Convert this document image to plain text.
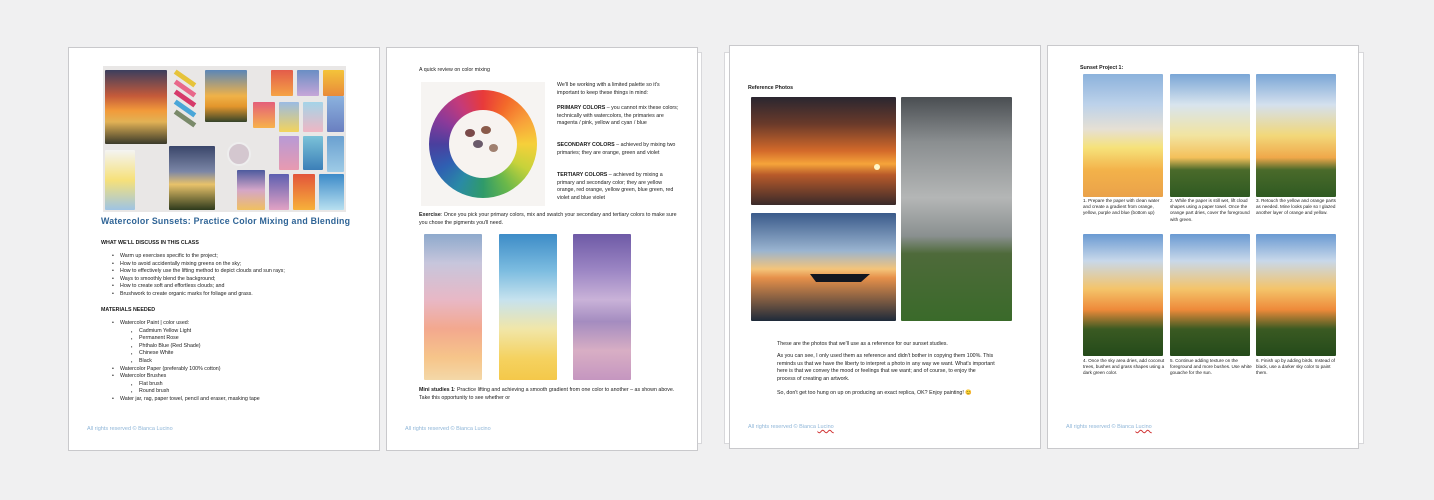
Watercolor Sunsets: Practice Color Mixing and Blending
WHAT WE'LL DISCUSS IN THIS CLASS
• Warm up exercises specific to the project;
• How to avoid accidentally mixing greens on the sky;
• How to effectively use the lifting method to depict clouds and sun rays;
• Ways to smoothly blend the background;
• How to create soft and effortless clouds; and
• Brushwork to create organic marks for foliage and grass.
MATERIALS NEEDED
• Watercolor Paint | color used:
▪ Cadmium Yellow Light
▪ Permanent Rose
▪ Phthalo Blue (Red Shade)
▪ Chinese White
▪ Black
• Watercolor Paper (preferably 100% cotton)
• Watercolor Brushes
▪ Flat brush
▪ Round brush
• Water jar, rag, paper towel, pencil and eraser, masking tape
All rights reserved © Bianca Lucino
A quick review on color mixing
We'll be working with a limited palette so it's important to keep these things in mind:
PRIMARY COLORS – you cannot mix these colors; technically with watercolors, the primaries are magenta / pink, yellow and cyan / blue
SECONDARY COLORS – achieved by mixing two primaries; they are orange, green and violet
TERTIARY COLORS – achieved by mixing a primary and secondary color; they are yellow orange, red orange, yellow green, blue green, red violet and blue violet
Exercise: Once you pick your primary colors, mix and swatch your secondary and tertiary colors to make sure you chose the pigments you'll need.
Mini studies 1: Practice lifting and achieving a smooth gradient from one color to another – as shown above. Take this opportunity to see whether or
All rights reserved © Bianca Lucino
Reference Photos
These are the photos that we'll use as a reference for our sunset studies.
As you can see, I only used them as reference and didn't bother in copying them 100%. This reminds us that we have the liberty to interpret a photo in any way we want. What's important here is that we convey the mood or feelings that we want; and of course, to enjoy the process of creating an artwork.
So, don't get too hung on up on producing an exact replica, OK? Enjoy painting! 😊
All rights reserved © Bianca Lucino
Sunset Project 1:
1. Prepare the paper with clean water and create a gradient from orange, yellow, purple and blue (bottom up)
2. While the paper is still wet, lift cloud shapes using a paper towel. Once the orange part dries, cover the foreground with green.
3. Retouch the yellow and orange parts as needed. Mine looks pale so I glazed another layer of orange and yellow.
4. Once the sky area dries, add coconut trees, bushes and grass shapes using a dark green color.
5. Continue adding texture on the foreground and more bushes. Use white gouache for the sun.
6. Finish up by adding birds. Instead of black, use a darker sky color to paint them.
All rights reserved © Bianca Lucino
